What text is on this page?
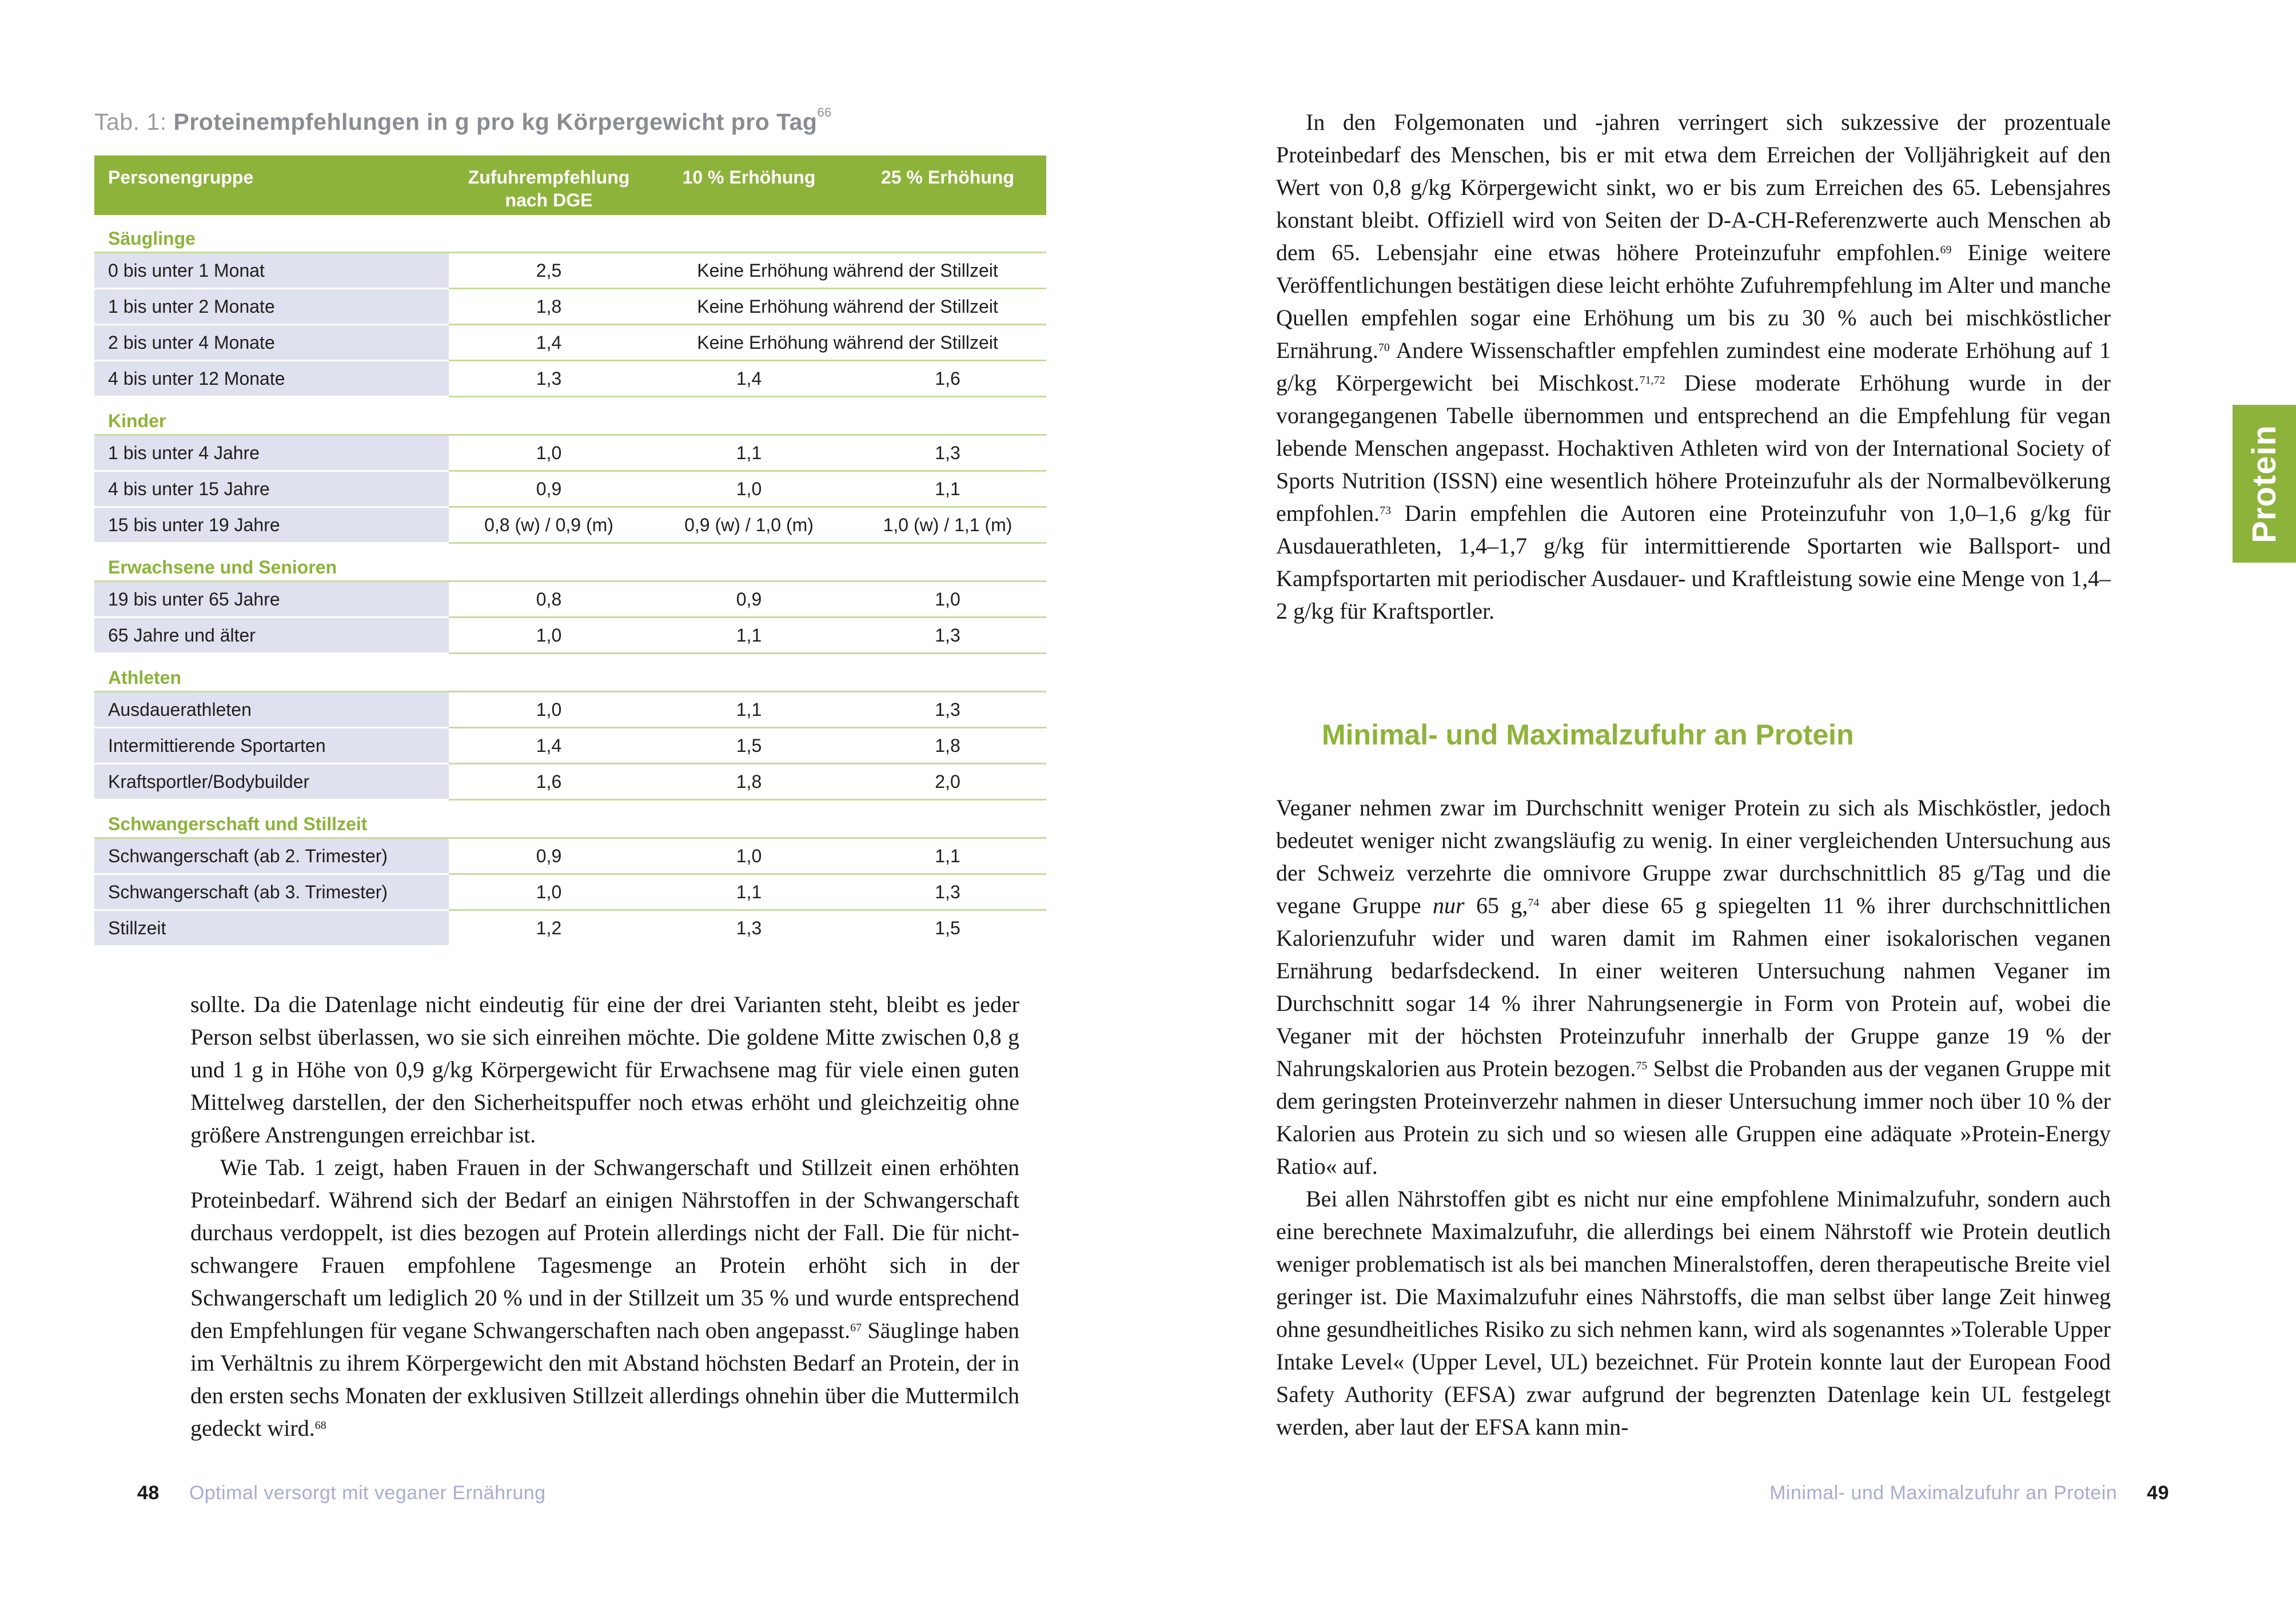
Tab. 1: Proteinempfehlungen in g pro kg Körpergewicht pro Tag$^{66}$
Personengruppe	Zufuhrempfehlung nach DGE	10 % Erhöhung	25 % Erhöhung
Säuglinge			
0 bis unter 1 Monat	2,5	Keine Erhöhung während der Stillzeit	
1 bis unter 2 Monate	1,8	Keine Erhöhung während der Stillzeit	
2 bis unter 4 Monate	1,4	Keine Erhöhung während der Stillzeit	
4 bis unter 12 Monate	1,3	1,4	1,6
Kinder			
1 bis unter 4 Jahre	1,0	1,1	1,3
4 bis unter 15 Jahre	0,9	1,0	1,1
15 bis unter 19 Jahre	0,8 (w) / 0,9 (m)	0,9 (w) / 1,0 (m)	1,0 (w) / 1,1 (m)
Erwachsene und Senioren			
19 bis unter 65 Jahre	0,8	0,9	1,0
65 Jahre und älter	1,0	1,1	1,3
Athleten			
Ausdauerathleten	1,0	1,1	1,3
Intermittierende Sportarten	1,4	1,5	1,8
Kraftsportler/Bodybuilder	1,6	1,8	2,0
Schwangerschaft und Stillzeit			
Schwangerschaft (ab 2. Trimester)	0,9	1,0	1,1
Schwangerschaft (ab 3. Trimester)	1,0	1,1	1,3
Stillzeit	1,2	1,3	1,5

sollte. Da die Datenlage nicht eindeutig für eine der drei Varianten steht, bleibt es jeder Person selbst überlassen, wo sie sich einreihen möchte. Die goldene Mitte zwischen 0,8 g und 1 g in Höhe von 0,9 g/kg Körpergewicht für Erwachsene mag für viele einen guten Mittelweg darstellen, der den Sicherheitspuffer noch etwas erhöht und gleichzeitig ohne größere Anstrengungen erreichbar ist.

Wie Tab. 1 zeigt, haben Frauen in der Schwangerschaft und Stillzeit einen erhöhten Proteinbedarf. Während sich der Bedarf an einigen Nährstoffen in der Schwangerschaft durchaus verdoppelt, ist dies bezogen auf Protein allerdings nicht der Fall. Die für nicht-schwangere Frauen empfohlene Tagesmenge an Protein erhöht sich in der Schwangerschaft um lediglich 20 % und in der Stillzeit um 35 % und wurde entsprechend den Empfehlungen für vegane Schwangerschaften nach oben angepasst.$^{67}$ Säuglinge haben im Verhältnis zu ihrem Körpergewicht den mit Abstand höchsten Bedarf an Protein, der in den ersten sechs Monaten der exklusiven Stillzeit allerdings ohnehin über die Muttermilch gedeckt wird.$^{68}$

48 Optimal versorgt mit veganer Ernährung

In den Folgemonaten und -jahren verringert sich sukzessive der prozentuale Proteinbedarf des Menschen, bis er mit etwa dem Erreichen der Volljährigkeit auf den Wert von 0,8 g/kg Körpergewicht sinkt, wo er bis zum Erreichen des 65. Lebensjahres konstant bleibt. Offiziell wird von Seiten der D-A-CH-Referenzwerte auch Menschen ab dem 65. Lebensjahr eine etwas höhere Proteinzufuhr empfohlen.$^{69}$ Einige weitere Veröffentlichungen bestätigen diese leicht erhöhte Zufuhrempfehlung im Alter und manche Quellen empfehlen sogar eine Erhöhung um bis zu 30 % auch bei mischköstlicher Ernährung.$^{70}$ Andere Wissenschaftler empfehlen zumindest eine moderate Erhöhung auf 1 g/kg Körpergewicht bei Mischkost.$^{71,72}$ Diese moderate Erhöhung wurde in der vorangegangenen Tabelle übernommen und entsprechend an die Empfehlung für vegan lebende Menschen angepasst. Hochaktiven Athleten wird von der International Society of Sports Nutrition (ISSN) eine wesentlich höhere Proteinzufuhr als der Normalbevölkerung empfohlen.$^{73}$ Darin empfehlen die Autoren eine Proteinzufuhr von 1,0–1,6 g/kg für Ausdauerathleten, 1,4–1,7 g/kg für intermittierende Sportarten wie Ballsport- und Kampfsportarten mit periodischer Ausdauer- und Kraftleistung sowie eine Menge von 1,4–2 g/kg für Kraftsportler.

Minimal- und Maximalzufuhr an Protein

Veganer nehmen zwar im Durchschnitt weniger Protein zu sich als Mischköstler, jedoch bedeutet weniger nicht zwangsläufig zu wenig. In einer vergleichenden Untersuchung aus der Schweiz verzehrte die omnivore Gruppe zwar durchschnittlich 85 g/Tag und die vegane Gruppe nur 65 g,$^{74}$ aber diese 65 g spiegelten 11 % ihrer durchschnittlichen Kalorienzufuhr wider und waren damit im Rahmen einer isokalorischen veganen Ernährung bedarfsdeckend. In einer weiteren Untersuchung nahmen Veganer im Durchschnitt sogar 14 % ihrer Nahrungsenergie in Form von Protein auf, wobei die Veganer mit der höchsten Proteinzufuhr innerhalb der Gruppe ganze 19 % der Nahrungskalorien aus Protein bezogen.$^{75}$ Selbst die Probanden aus der veganen Gruppe mit dem geringsten Proteinverzehr nahmen in dieser Untersuchung immer noch über 10 % der Kalorien aus Protein zu sich und so wiesen alle Gruppen eine adäquate »Protein-Energy Ratio« auf.

Bei allen Nährstoffen gibt es nicht nur eine empfohlene Minimalzufuhr, sondern auch eine berechnete Maximalzufuhr, die allerdings bei einem Nährstoff wie Protein deutlich weniger problematisch ist als bei manchen Mineralstoffen, deren therapeutische Breite viel geringer ist. Die Maximalzufuhr eines Nährstoffs, die man selbst über lange Zeit hinweg ohne gesundheitliches Risiko zu sich nehmen kann, wird als sogenanntes »Tolerable Upper Intake Level« (Upper Level, UL) bezeichnet. Für Protein konnte laut der European Food Safety Authority (EFSA) zwar aufgrund der begrenzten Datenlage kein UL festgelegt werden, aber laut der EFSA kann min-

Protein
Minimal- und Maximalzufuhr an Protein 49
